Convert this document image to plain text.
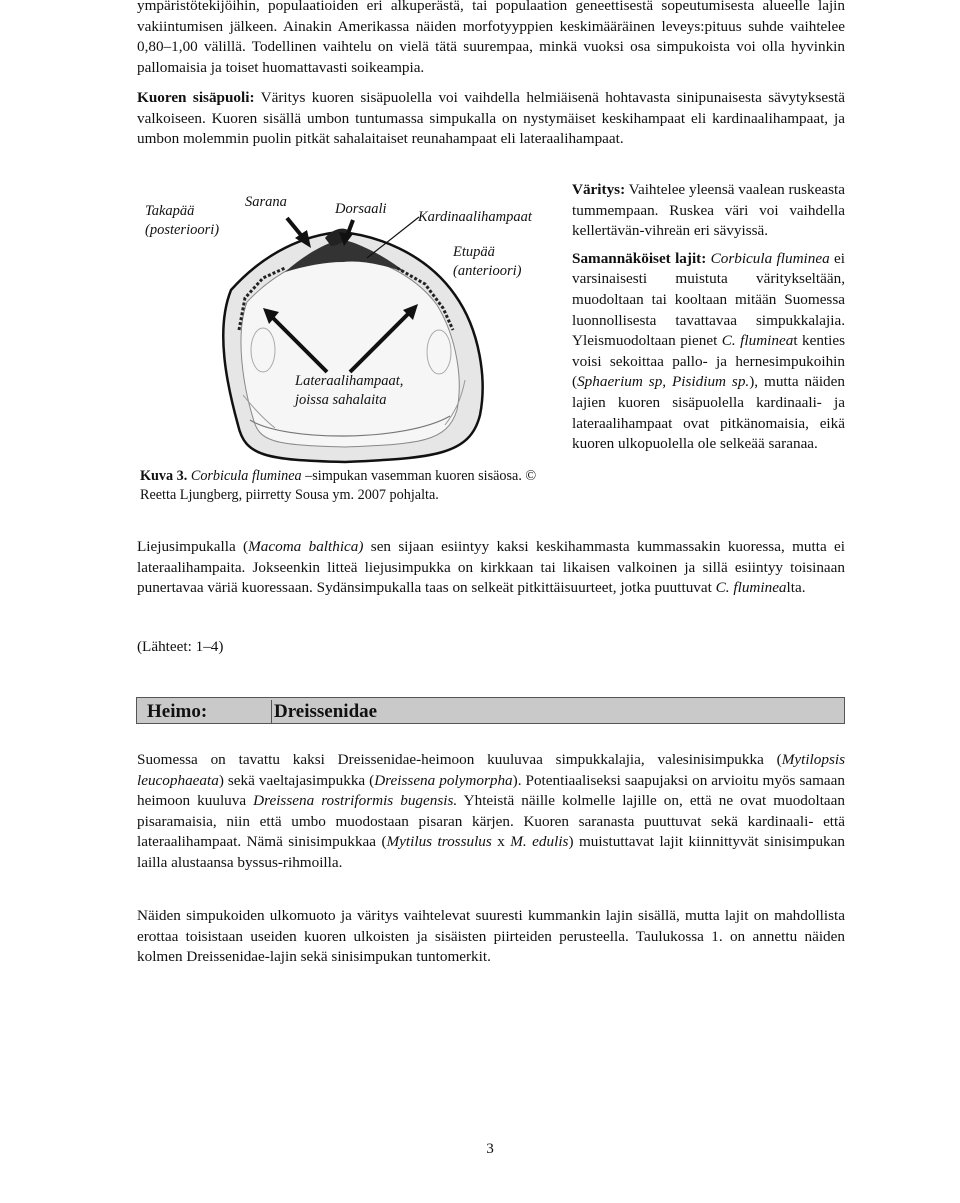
ympäristötekijöihin, populaatioiden eri alkuperästä, tai populaation geneettisestä sopeutumisesta alueelle lajin vakiintumisen jälkeen. Ainakin Amerikassa näiden morfotyyppien keskimääräinen leveys:pituus suhde vaihtelee 0,80–1,00 välillä. Todellinen vaihtelu on vielä tätä suurempaa, minkä vuoksi osa simpukoista voi olla hyvinkin pallomaisia ja toiset huomattavasti soikeampia.

Kuoren sisäpuoli: Väritys kuoren sisäpuolella voi vaihdella helmiäisenä hohtavasta sinipunaisesta sävytyksestä valkoiseen. Kuoren sisällä umbon tuntumassa simpukalla on nystymäiset keskihampaat eli kardinaalihampaat, ja umbon molemmin puolin pitkät sahalaitaiset reunahampaat eli lateraalihampaat.

Takapää
(posterioori)
Sarana	Dorsaali Kardinaalihampaat
Etupää
(anterioori)
Lateraalihampaat,
joissa sahalaita
Kuva 3. Corbicula fluminea –simpukan vasemman kuoren sisäosa. © Reetta Ljungberg, piirretty Sousa ym. 2007 pohjalta.

Väritys: Vaihtelee yleensä vaalean ruskeasta tummempaan. Ruskea väri voi vaihdella kellertävän-vihreän eri sävyissä.

Samannäköiset lajit: Corbicula fluminea ei varsinaisesti muistuta väritykseltään, muodoltaan tai kooltaan mitään Suomessa luonnollisesta tavattavaa simpukkalajia. Yleismuodoltaan pienet C. flumineat kenties voisi sekoittaa pallo- ja hernesimpukoihin (Sphaerium sp, Pisidium sp.), mutta näiden lajien kuoren sisäpuolella kardinaali- ja lateraalihampaat ovat pitkänomaisia, eikä kuoren ulkopuolella ole selkeää saranaa.

Liejusimpukalla (Macoma balthica) sen sijaan esiintyy kaksi keskihammasta kummassakin kuoressa, mutta ei lateraalihampaita. Jokseenkin litteä liejusimpukka on kirkkaan tai likaisen valkoinen ja sillä esiintyy toisinaan punertavaa väriä kuoressaan. Sydänsimpukalla taas on selkeät pitkittäisuurteet, jotka puuttuvat C. fluminealta.

(Lähteet: 1–4)

Heimo:	Dreissenidae

Suomessa on tavattu kaksi Dreissenidae-heimoon kuuluvaa simpukkalajia, valesinisimpukka (Mytilopsis leucophaeata) sekä vaeltajasimpukka (Dreissena polymorpha). Potentiaaliseksi saapujaksi on arvioitu myös samaan heimoon kuuluva Dreissena rostriformis bugensis. Yhteistä näille kolmelle lajille on, että ne ovat muodoltaan pisaramaisia, niin että umbo muodostaan pisaran kärjen. Kuoren saranasta puuttuvat sekä kardinaali- että lateraalihampaat. Nämä sinisimpukkaa (Mytilus trossulus x M. edulis) muistuttavat lajit kiinnittyvät sinisimpukan lailla alustaansa byssus-rihmoilla.

Näiden simpukoiden ulkomuoto ja väritys vaihtelevat suuresti kummankin lajin sisällä, mutta lajit on mahdollista erottaa toisistaan useiden kuoren ulkoisten ja sisäisten piirteiden perusteella. Taulukossa 1. on annettu näiden kolmen Dreissenidae-lajin sekä sinisimpukan tuntomerkit.

3
